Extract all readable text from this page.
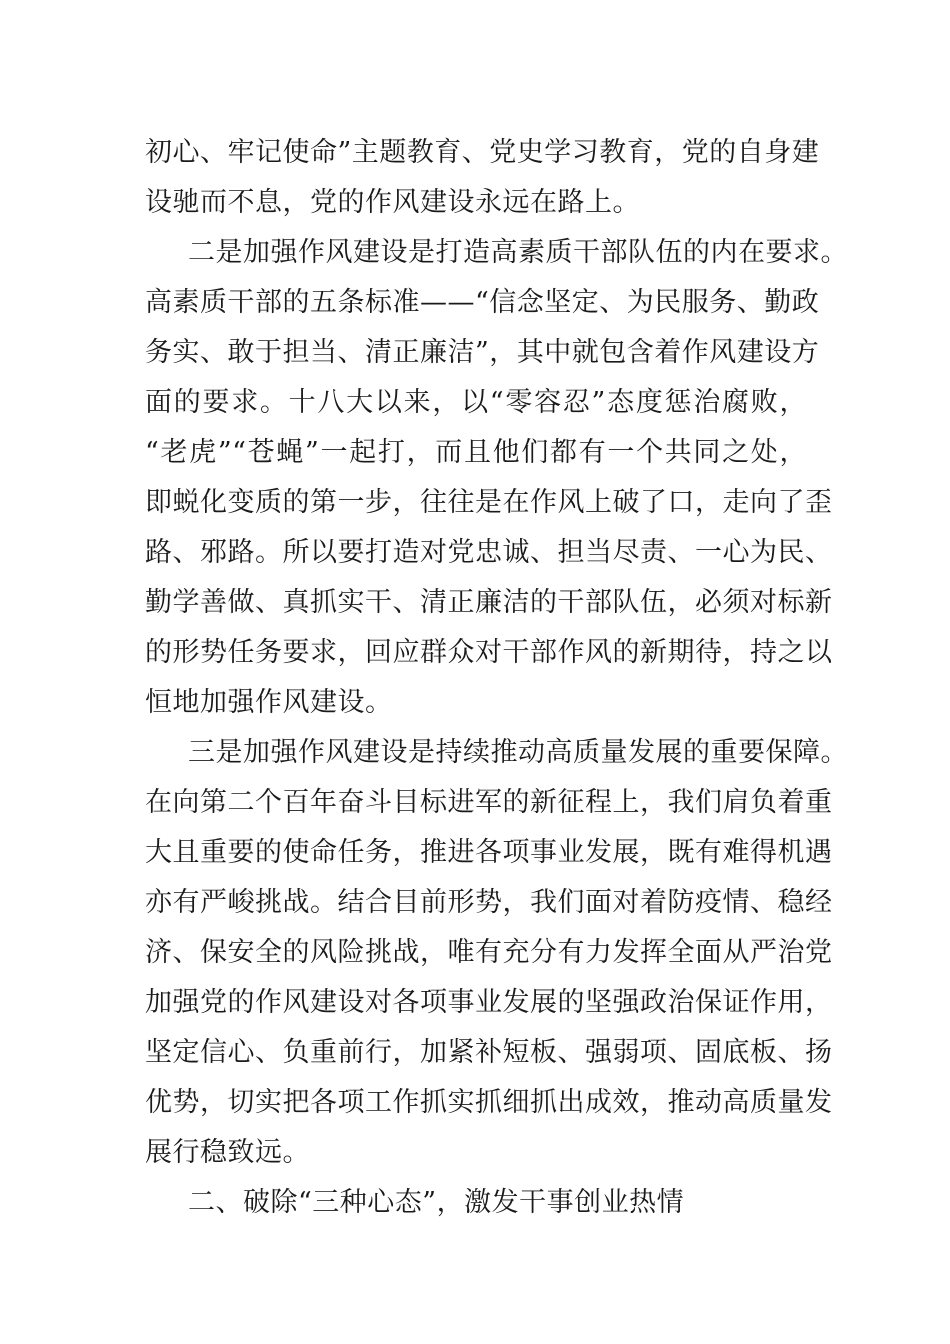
初心、牢记使命”主题教育、党史学习教育，党的自身建
设驰而不息，党的作风建设永远在路上。
二是加强作风建设是打造高素质干部队伍的内在要求。
高素质干部的五条标准——“信念坚定、为民服务、勤政
务实、敢于担当、清正廉洁”，其中就包含着作风建设方
面的要求。十八大以来，以“零容忍”态度惩治腐败，
“老虎”“苍蝇”一起打，而且他们都有一个共同之处，
即蜕化变质的第一步，往往是在作风上破了口，走向了歪
路、邪路。所以要打造对党忠诚、担当尽责、一心为民、
勤学善做、真抓实干、清正廉洁的干部队伍，必须对标新
的形势任务要求，回应群众对干部作风的新期待，持之以
恒地加强作风建设。
三是加强作风建设是持续推动高质量发展的重要保障。
在向第二个百年奋斗目标进军的新征程上，我们肩负着重
大且重要的使命任务，推进各项事业发展，既有难得机遇
亦有严峻挑战。结合目前形势，我们面对着防疫情、稳经
济、保安全的风险挑战，唯有充分有力发挥全面从严治党
加强党的作风建设对各项事业发展的坚强政治保证作用，
坚定信心、负重前行，加紧补短板、强弱项、固底板、扬
优势，切实把各项工作抓实抓细抓出成效，推动高质量发
展行稳致远。
二、破除“三种心态”，激发干事创业热情
